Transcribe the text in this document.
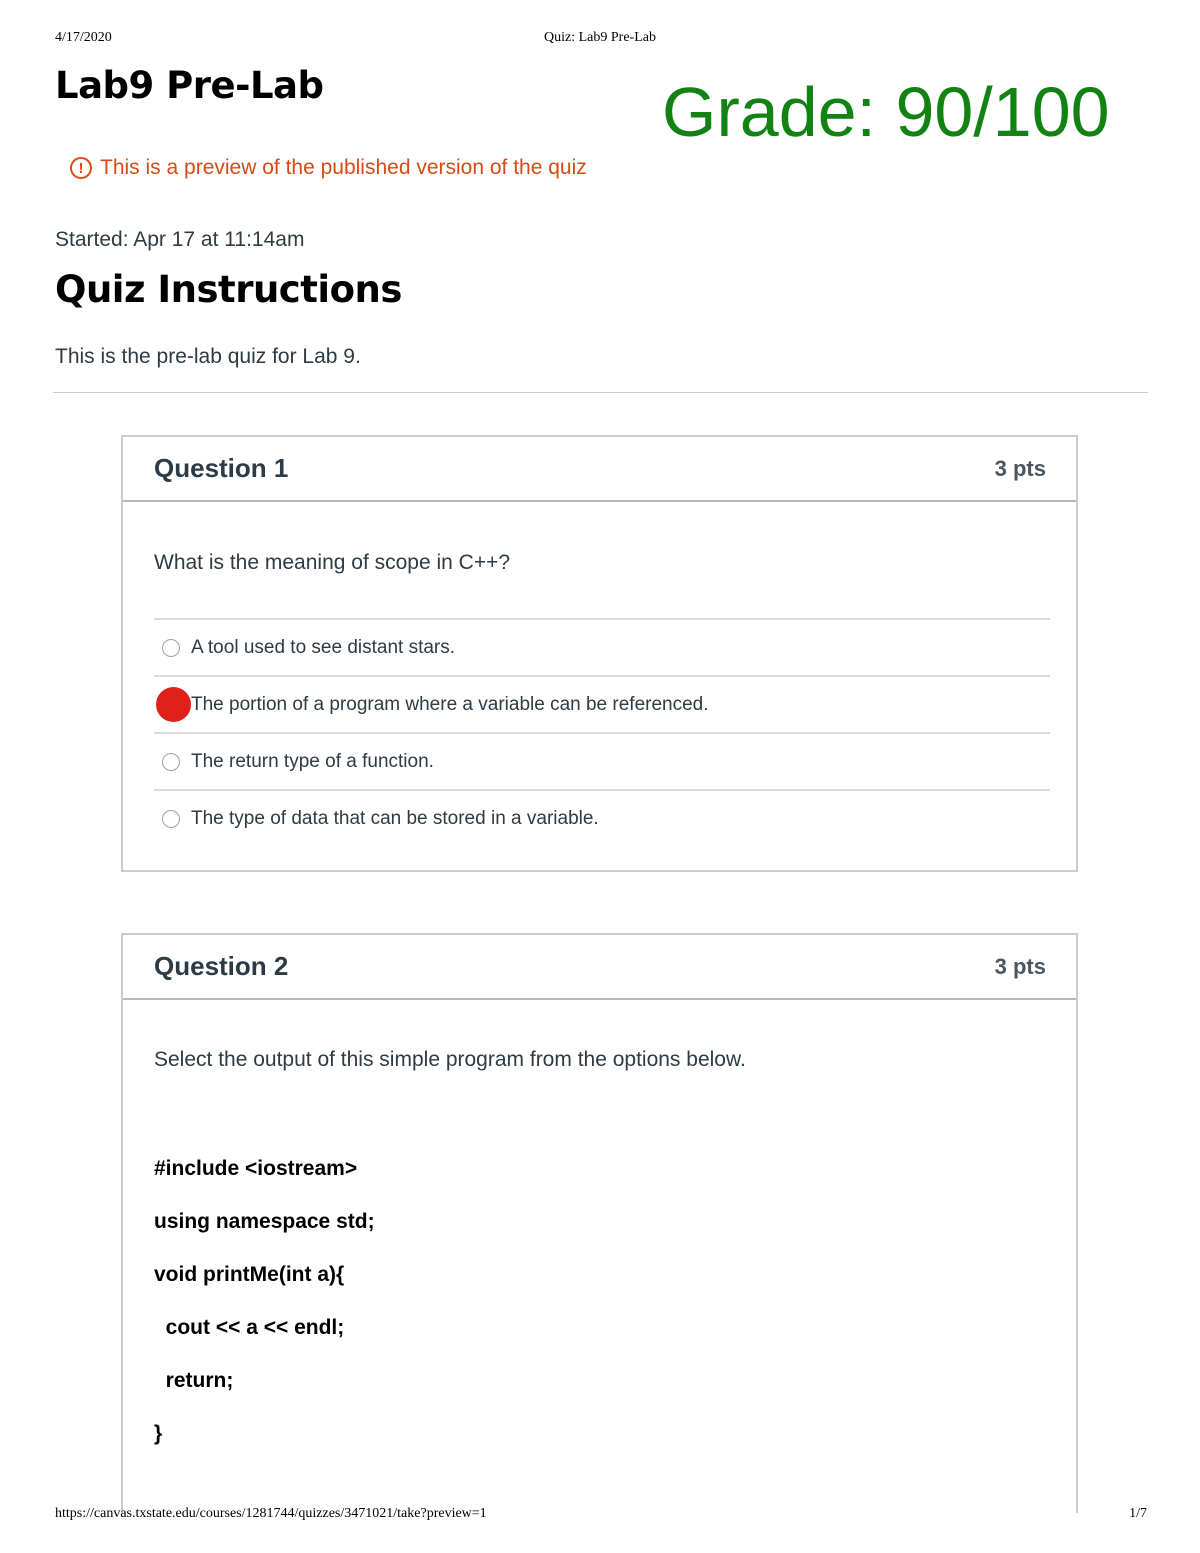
4/17/2020	Quiz: Lab9 Pre-Lab
Lab9 Pre-Lab	Grade: 90/100
! This is a preview of the published version of the quiz
Started: Apr 17 at 11:14am
Quiz Instructions
This is the pre-lab quiz for Lab 9.
Question 1	3 pts
What is the meaning of scope in C++?
A tool used to see distant stars.
The portion of a program where a variable can be referenced.
The return type of a function.
The type of data that can be stored in a variable.
Question 2	3 pts
Select the output of this simple program from the options below.
#include <iostream>
using namespace std;
void printMe(int a){
cout << a << endl;
return;
}
https://canvas.txstate.edu/courses/1281744/quizzes/3471021/take?preview=1	1/7
